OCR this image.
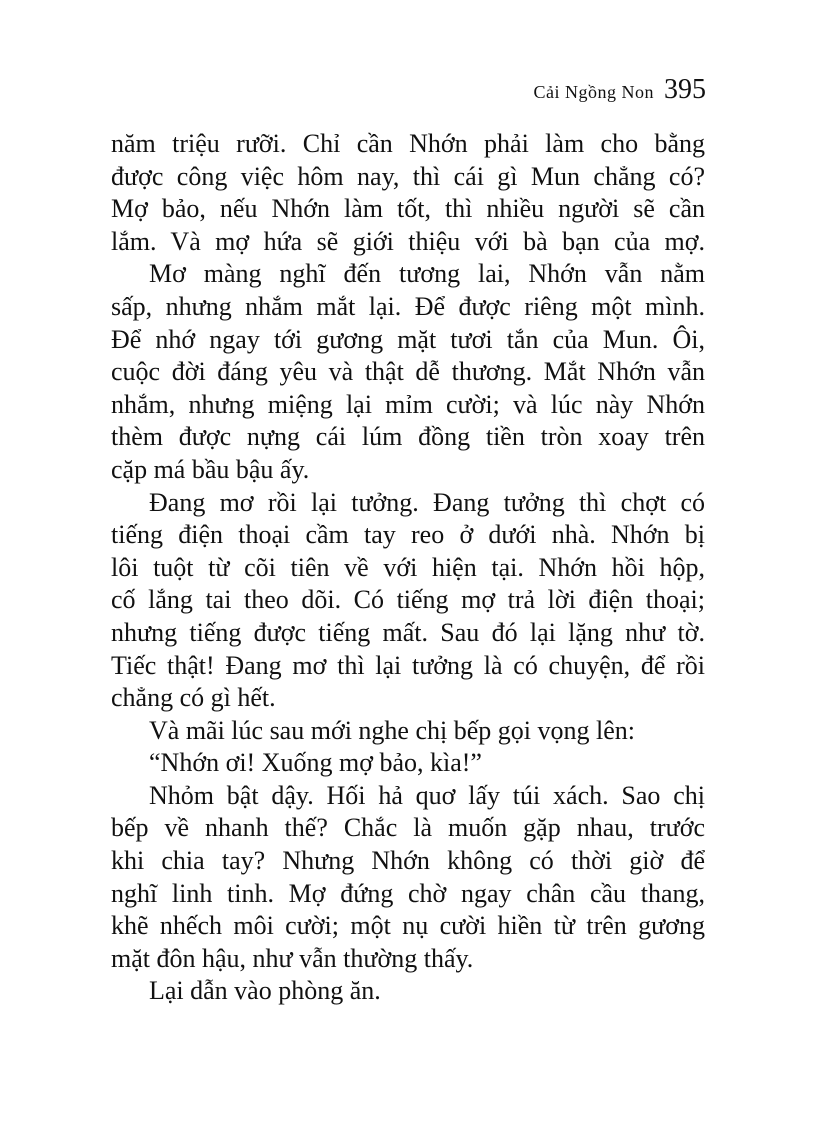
Cải Ngồng Non 395
năm triệu rưỡi. Chỉ cần Nhớn phải làm cho bằng
được công việc hôm nay, thì cái gì Mun chẳng có?
Mợ bảo, nếu Nhớn làm tốt, thì nhiều người sẽ cần
lắm. Và mợ hứa sẽ giới thiệu với bà bạn của mợ.
Mơ màng nghĩ đến tương lai, Nhớn vẫn nằm
sấp, nhưng nhắm mắt lại. Để được riêng một mình.
Để nhớ ngay tới gương mặt tươi tắn của Mun. Ôi,
cuộc đời đáng yêu và thật dễ thương. Mắt Nhớn vẫn
nhắm, nhưng miệng lại mỉm cười; và lúc này Nhớn
thèm được nựng cái lúm đồng tiền tròn xoay trên
cặp má bầu bậu ấy.
Đang mơ rồi lại tưởng. Đang tưởng thì chợt có
tiếng điện thoại cầm tay reo ở dưới nhà. Nhớn bị
lôi tuột từ cõi tiên về với hiện tại. Nhớn hồi hộp,
cố lắng tai theo dõi. Có tiếng mợ trả lời điện thoại;
nhưng tiếng được tiếng mất. Sau đó lại lặng như tờ.
Tiếc thật! Đang mơ thì lại tưởng là có chuyện, để rồi
chẳng có gì hết.
Và mãi lúc sau mới nghe chị bếp gọi vọng lên:
“Nhớn ơi! Xuống mợ bảo, kìa!”
Nhỏm bật dậy. Hối hả quơ lấy túi xách. Sao chị
bếp về nhanh thế? Chắc là muốn gặp nhau, trước
khi chia tay? Nhưng Nhớn không có thời giờ để
nghĩ linh tinh. Mợ đứng chờ ngay chân cầu thang,
khẽ nhếch môi cười; một nụ cười hiền từ trên gương
mặt đôn hậu, như vẫn thường thấy.
Lại dẫn vào phòng ăn.
